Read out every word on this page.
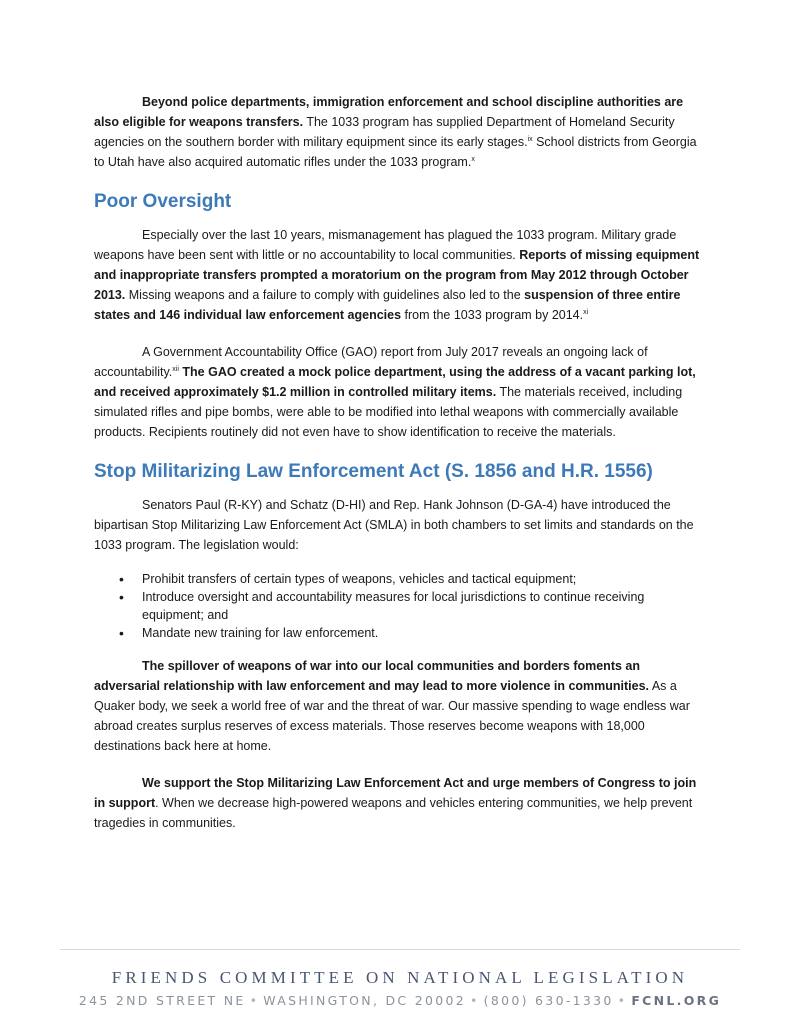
Beyond police departments, immigration enforcement and school discipline authorities are also eligible for weapons transfers. The 1033 program has supplied Department of Homeland Security agencies on the southern border with military equipment since its early stages.$^{ix}$ School districts from Georgia to Utah have also acquired automatic rifles under the 1033 program.$^x$

Poor Oversight

Especially over the last 10 years, mismanagement has plagued the 1033 program. Military grade weapons have been sent with little or no accountability to local communities. Reports of missing equipment and inappropriate transfers prompted a moratorium on the program from May 2012 through October 2013. Missing weapons and a failure to comply with guidelines also led to the suspension of three entire states and 146 individual law enforcement agencies from the 1033 program by 2014.$^{xi}$

A Government Accountability Office (GAO) report from July 2017 reveals an ongoing lack of accountability.$^{xii}$ The GAO created a mock police department, using the address of a vacant parking lot, and received approximately $1.2 million in controlled military items. The materials received, including simulated rifles and pipe bombs, were able to be modified into lethal weapons with commercially available products. Recipients routinely did not even have to show identification to receive the materials.

Stop Militarizing Law Enforcement Act (S. 1856 and H.R. 1556)

Senators Paul (R-KY) and Schatz (D-HI) and Rep. Hank Johnson (D-GA-4) have introduced the bipartisan Stop Militarizing Law Enforcement Act (SMLA) in both chambers to set limits and standards on the 1033 program. The legislation would:

• Prohibit transfers of certain types of weapons, vehicles and tactical equipment;
• Introduce oversight and accountability measures for local jurisdictions to continue receiving equipment; and
• Mandate new training for law enforcement.

The spillover of weapons of war into our local communities and borders foments an adversarial relationship with law enforcement and may lead to more violence in communities. As a Quaker body, we seek a world free of war and the threat of war. Our massive spending to wage endless war abroad creates surplus reserves of excess materials. Those reserves become weapons with 18,000 destinations back here at home.

We support the Stop Militarizing Law Enforcement Act and urge members of Congress to join in support. When we decrease high-powered weapons and vehicles entering communities, we help prevent tragedies in communities.

FRIENDS COMMITTEE ON NATIONAL LEGISLATION
245 2ND STREET NE • WASHINGTON, DC 20002 • (800) 630-1330 • FCNL.ORG
